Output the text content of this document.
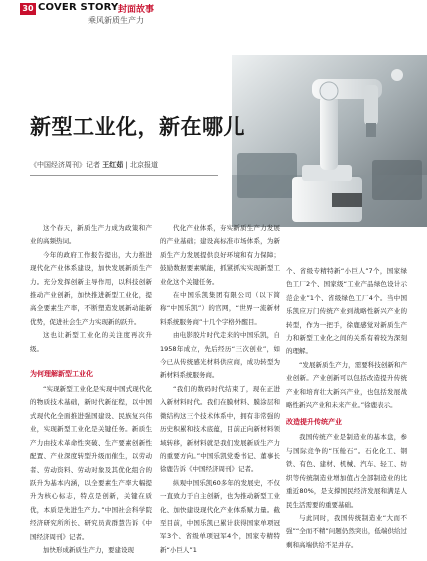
30 COVER STORY 封面故事
乘风新质生产力
新型工业化，新在哪儿
《中国经济周刊》记者 王红茹 | 北京报道

这个春天，新质生产力成为政策和产业的高频热词。

今年的政府工作报告提出，大力推进现代化产业体系建设，加快发展新质生产力。充分发挥创新主导作用，以科技创新推动产业创新，加快推进新型工业化，提高全要素生产率，不断塑造发展新动能新优势，促进社会生产力实现新的跃升。

这也让新型工业化的关注度再次升级。

为何理解新型工业化

“实现新型工业化是实现中国式现代化的物质技术基础，新时代新征程，以中国式现代化全面推进强国建设、民族复兴伟业，实现新型工业化是关键任务。新质生产力由技术革命性突破、生产要素创新性配置、产业深度转型升级而催生，以劳动者、劳动资料、劳动对象及其优化组合的跃升为基本内涵，以全要素生产率大幅提升为核心标志，特点是创新，关键在质优，本质是先进生产力。”中国社会科学院经济研究所所长、研究员黄群慧告诉《中国经济周刊》记者。

加快形成新质生产力，要建设现

代化产业体系，夯实新质生产力发展的产业基础；建设高标准市场体系，为新质生产力发展提供良好环境和有力保障；鼓励数据要素赋能，抓紧抓实实现新型工业化这个关键任务。

在中国乐凯集团有限公司（以下简称“中国乐凯”）的官网，“世界一流新材料系统服务商”十几个字格外醒目。

由电影胶片时代走来的中国乐凯，自1958年成立，先后经历“三次创业”，如今已从传统感光材料供应商，成功转型为新材料系统服务商。

“我们的数码时代结束了，现在正进入新材料时代。我们在膜材料、膜涂层和微结构这三个技术体系中，拥有非常强的历史积累和技术底蕴，目前正向新材料领域转移，新材料就是我们发展新质生产力的重要方向。”中国乐凯党委书记、董事长徐鹿告诉《中国经济周刊》记者。

纵观中国乐凯60多年的发展史，不仅一直致力于自主创新，也为推动新型工业化、加快建设现代化产业体系赋力量。截至目前，中国乐凯已累计获得国家单项冠军3个、省级单项冠军4个，国家专精特新“小巨人”1

个、省级专精特新“小巨人”7个，国家绿色工厂2个、国家级“工业产品绿色设计示范企业”1个、省级绿色工厂4个。当中国乐凯应万门传统产业到战略性新兴产业的转型，作为一把手，徐鹿感觉对新质生产力和新型工业化之间的关系有着较为深刻的理解。

“发展新质生产力，需要科技创新和产业创新。产业创新可以包括改造提升传统产业和培育壮大新兴产业，也包括发展战略性新兴产业和未来产业。”徐鹿表示。

改造提升传统产业

我国传统产业是制造业的基本盘，参与国际竞争的“压舱石”。石化化工、钢铁、有色、建材、机械、汽车、轻工、纺织等传统制造业增加值占全部制造业的比重近80%，是支撑国民经济发展和满足人民生活需要的重要基础。

与此同时，我国传统制造业“大而不强”“全而不精”问题仍然突出，低端供给过剩和高端供给不足并存。
